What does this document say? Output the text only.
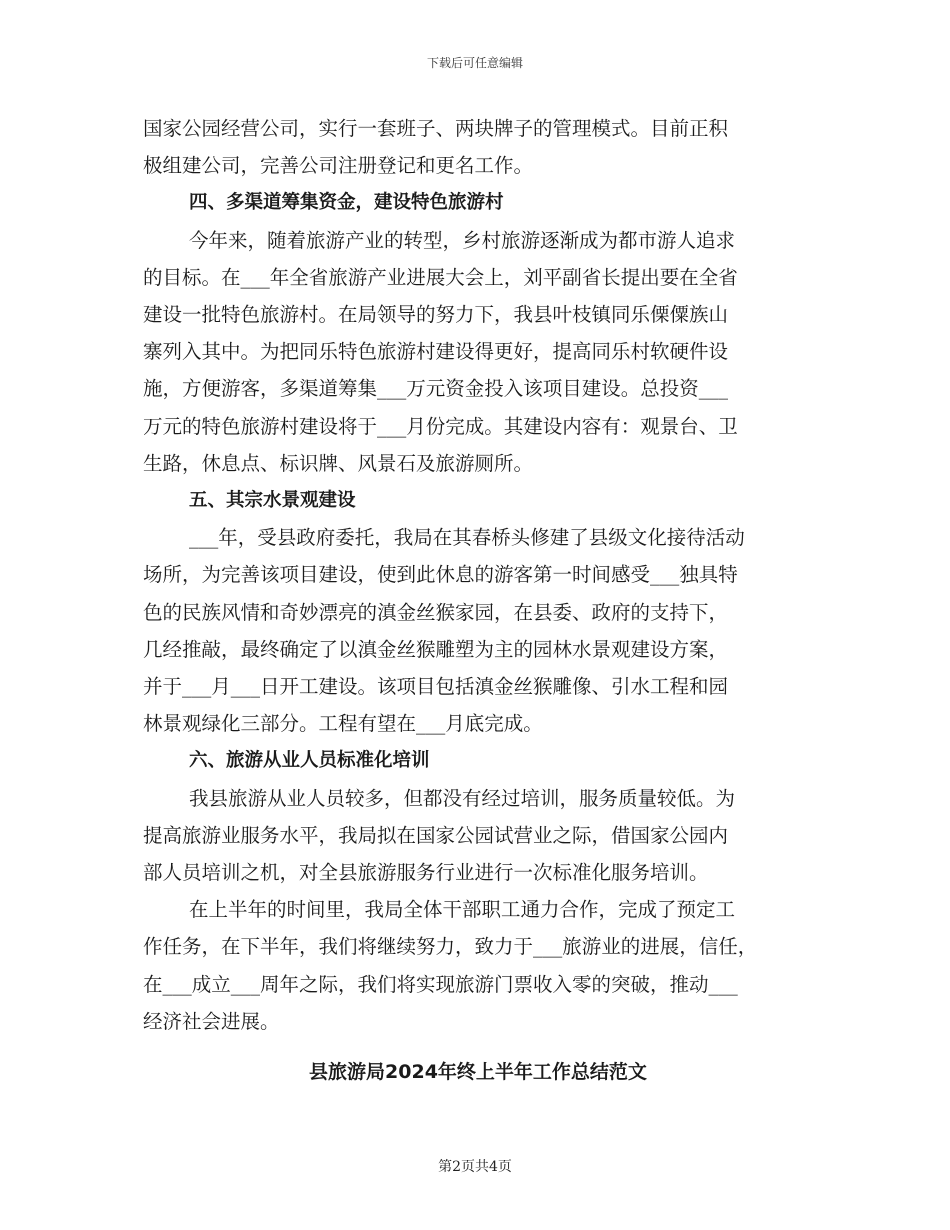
下载后可任意编辑

国家公园经营公司，实行一套班子、两块牌子的管理模式。目前正积

极组建公司，完善公司注册登记和更名工作。

四、多渠道筹集资金，建设特色旅游村

今年来，随着旅游产业的转型，乡村旅游逐渐成为都市游人追求

的目标。在___年全省旅游产业进展大会上，刘平副省长提出要在全省

建设一批特色旅游村。在局领导的努力下，我县叶枝镇同乐傈僳族山

寨列入其中。为把同乐特色旅游村建设得更好，提高同乐村软硬件设

施，方便游客，多渠道筹集___万元资金投入该项目建设。总投资___

万元的特色旅游村建设将于___月份完成。其建设内容有：观景台、卫

生路，休息点、标识牌、风景石及旅游厕所。

五、其宗水景观建设

___年，受县政府委托，我局在其春桥头修建了县级文化接待活动

场所，为完善该项目建设，使到此休息的游客第一时间感受___独具特

色的民族风情和奇妙漂亮的滇金丝猴家园，在县委、政府的支持下，

几经推敲，最终确定了以滇金丝猴雕塑为主的园林水景观建设方案，

并于___月___日开工建设。该项目包括滇金丝猴雕像、引水工程和园

林景观绿化三部分。工程有望在___月底完成。

六、旅游从业人员标准化培训

我县旅游从业人员较多，但都没有经过培训，服务质量较低。为

提高旅游业服务水平，我局拟在国家公园试营业之际，借国家公园内

部人员培训之机，对全县旅游服务行业进行一次标准化服务培训。

在上半年的时间里，我局全体干部职工通力合作，完成了预定工

作任务，在下半年，我们将继续努力，致力于___旅游业的进展，信任，

在___成立___周年之际，我们将实现旅游门票收入零的突破，推动___

经济社会进展。

县旅游局2024年终上半年工作总结范文
第2页共4页
